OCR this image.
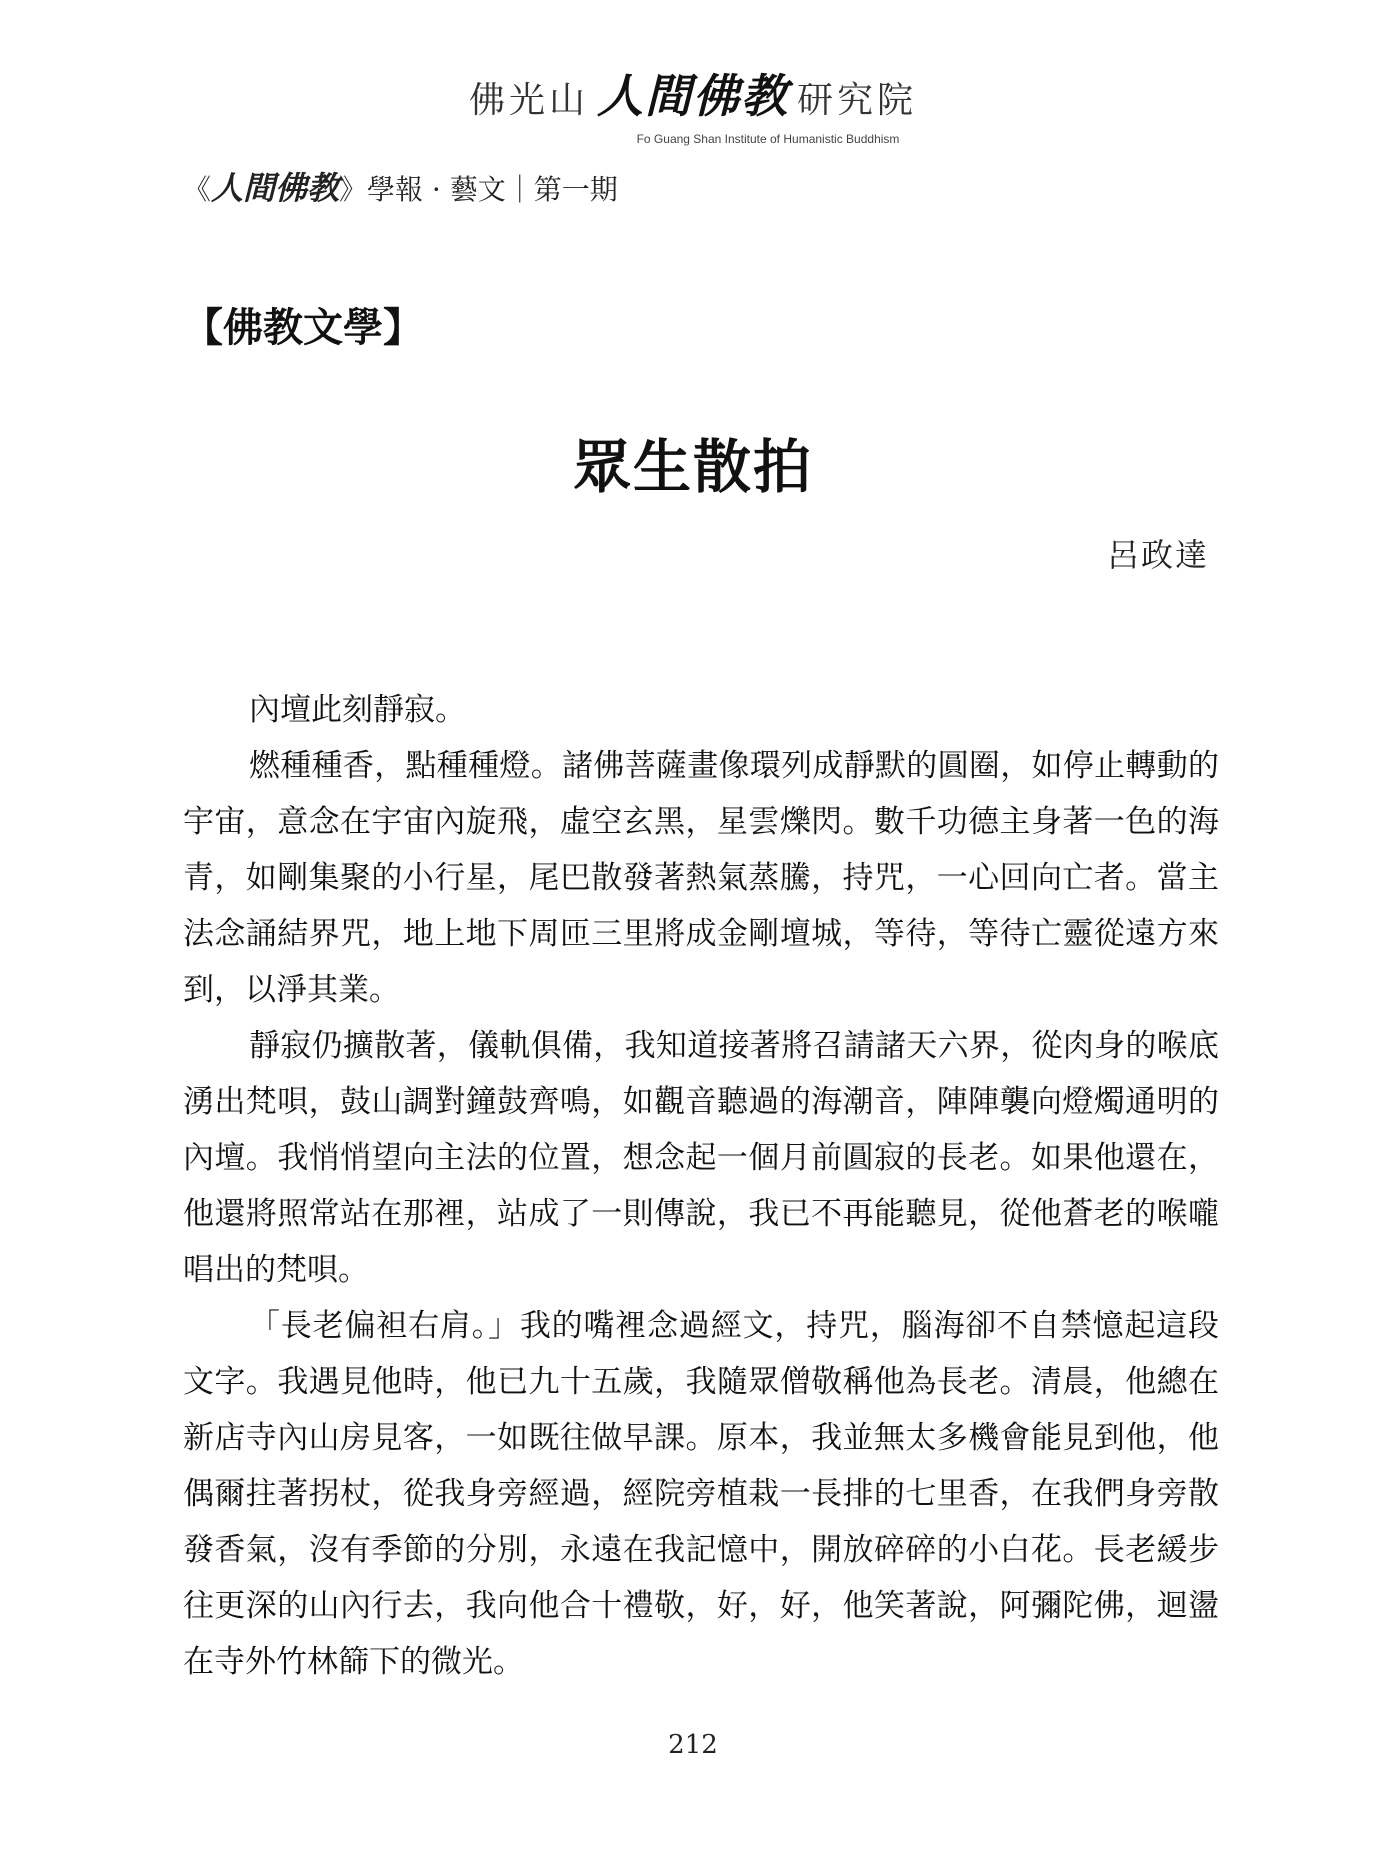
佛光山 人間佛教 研究院
Fo Guang Shan Institute of Humanistic Buddhism
《人間佛教》學報 · 藝文｜第一期
【佛教文學】
眾生散拍
呂政達

內壇此刻靜寂。

燃種種香，點種種燈。諸佛菩薩畫像環列成靜默的圓圈，如停止轉動的宇宙，意念在宇宙內旋飛，虛空玄黑，星雲爍閃。數千功德主身著一色的海青，如剛集聚的小行星，尾巴散發著熱氣蒸騰，持咒，一心回向亡者。當主法念誦結界咒，地上地下周匝三里將成金剛壇城，等待，等待亡靈從遠方來到，以淨其業。

靜寂仍擴散著，儀軌俱備，我知道接著將召請諸天六界，從肉身的喉底湧出梵唄，鼓山調對鐘鼓齊鳴，如觀音聽過的海潮音，陣陣襲向燈燭通明的內壇。我悄悄望向主法的位置，想念起一個月前圓寂的長老。如果他還在，他還將照常站在那裡，站成了一則傳說，我已不再能聽見，從他蒼老的喉嚨唱出的梵唄。

「長老偏袒右肩。」我的嘴裡念過經文，持咒，腦海卻不自禁憶起這段文字。我遇見他時，他已九十五歲，我隨眾僧敬稱他為長老。清晨，他總在新店寺內山房見客，一如既往做早課。原本，我並無太多機會能見到他，他偶爾拄著拐杖，從我身旁經過，經院旁植栽一長排的七里香，在我們身旁散發香氣，沒有季節的分別，永遠在我記憶中，開放碎碎的小白花。長老緩步往更深的山內行去，我向他合十禮敬，好，好，他笑著說，阿彌陀佛，迴盪在寺外竹林篩下的微光。

212
